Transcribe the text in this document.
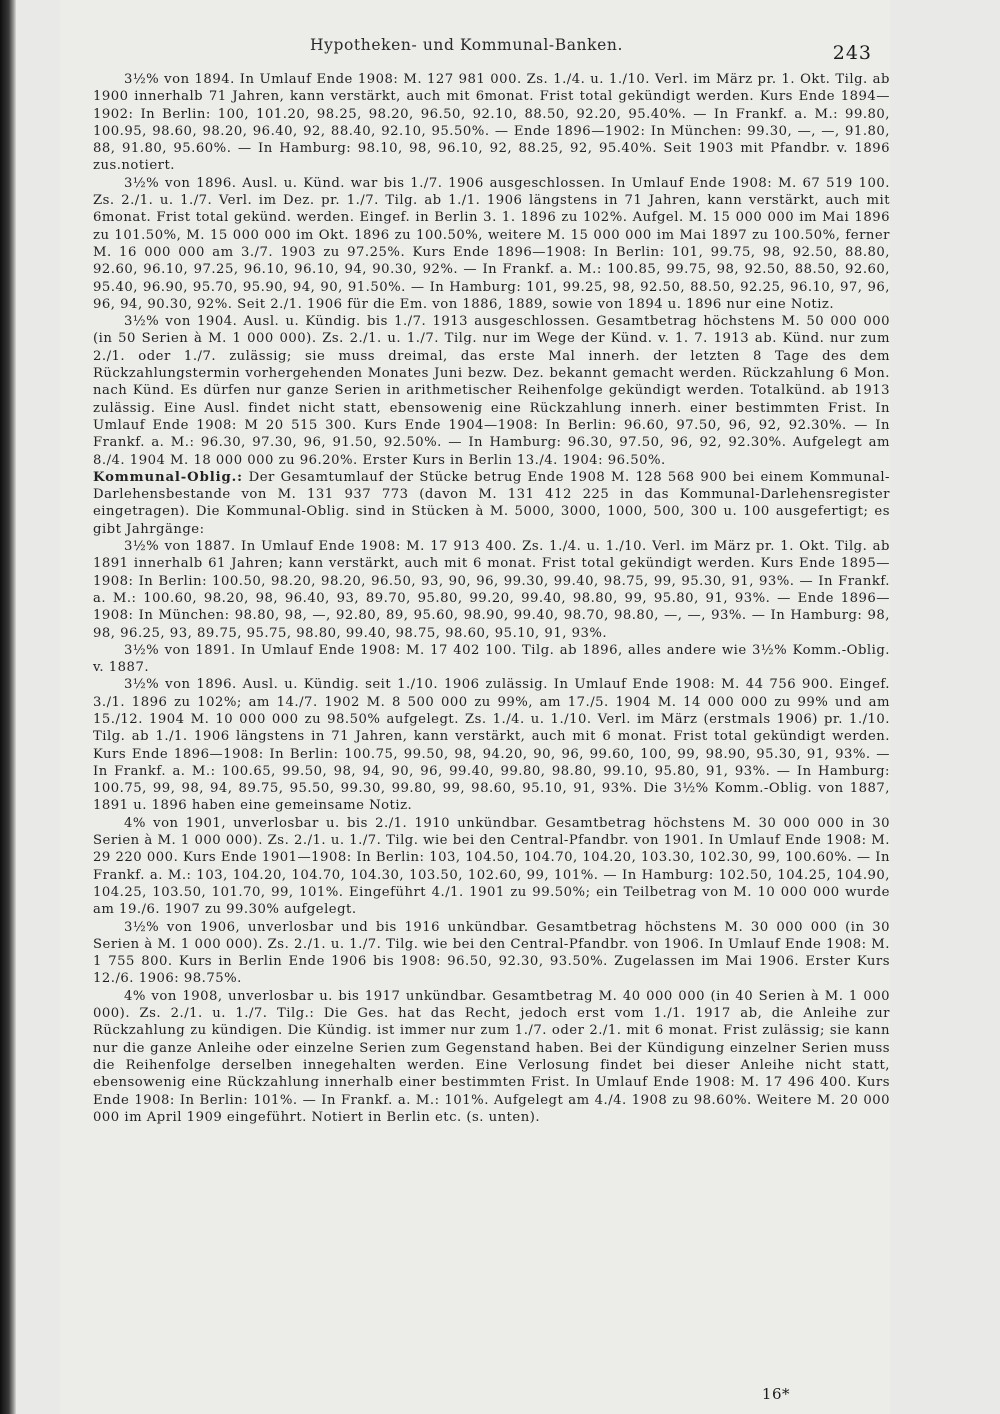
Hypotheken- und Kommunal-Banken.	243

3½% von 1894. In Umlauf Ende 1908: M. 127 981 000. Zs. 1./4. u. 1./10. Verl. im März pr. 1. Okt. Tilg. ab 1900 innerhalb 71 Jahren, kann verstärkt, auch mit 6monat. Frist total gekündigt werden. Kurs Ende 1894—1902: In Berlin: 100, 101.20, 98.25, 98.20, 96.50, 92.10, 88.50, 92.20, 95.40%. — In Frankf. a. M.: 99.80, 100.95, 98.60, 98.20, 96.40, 92, 88.40, 92.10, 95.50%. — Ende 1896—1902: In München: 99.30, —, —, 91.80, 88, 91.80, 95.60%. — In Hamburg: 98.10, 98, 96.10, 92, 88.25, 92, 95.40%. Seit 1903 mit Pfandbr. v. 1896 zus.notiert.

3½% von 1896. Ausl. u. Künd. war bis 1./7. 1906 ausgeschlossen. In Umlauf Ende 1908: M. 67 519 100. Zs. 2./1. u. 1./7. Verl. im Dez. pr. 1./7. Tilg. ab 1./1. 1906 längstens in 71 Jahren, kann verstärkt, auch mit 6monat. Frist total gekünd. werden. Eingef. in Berlin 3. 1. 1896 zu 102%. Aufgel. M. 15 000 000 im Mai 1896 zu 101.50%, M. 15 000 000 im Okt. 1896 zu 100.50%, weitere M. 15 000 000 im Mai 1897 zu 100.50%, ferner M. 16 000 000 am 3./7. 1903 zu 97.25%. Kurs Ende 1896—1908: In Berlin: 101, 99.75, 98, 92.50, 88.80, 92.60, 96.10, 97.25, 96.10, 96.10, 94, 90.30, 92%. — In Frankf. a. M.: 100.85, 99.75, 98, 92.50, 88.50, 92.60, 95.40, 96.90, 95.70, 95.90, 94, 90, 91.50%. — In Hamburg: 101, 99.25, 98, 92.50, 88.50, 92.25, 96.10, 97, 96, 96, 94, 90.30, 92%. Seit 2./1. 1906 für die Em. von 1886, 1889, sowie von 1894 u. 1896 nur eine Notiz.

3½% von 1904. Ausl. u. Kündig. bis 1./7. 1913 ausgeschlossen. Gesamtbetrag höchstens M. 50 000 000 (in 50 Serien à M. 1 000 000). Zs. 2./1. u. 1./7. Tilg. nur im Wege der Künd. v. 1. 7. 1913 ab. Künd. nur zum 2./1. oder 1./7. zulässig; sie muss dreimal, das erste Mal innerh. der letzten 8 Tage des dem Rückzahlungstermin vorhergehenden Monates Juni bezw. Dez. bekannt gemacht werden. Rückzahlung 6 Mon. nach Künd. Es dürfen nur ganze Serien in arithmetischer Reihenfolge gekündigt werden. Totalkünd. ab 1913 zulässig. Eine Ausl. findet nicht statt, ebensowenig eine Rückzahlung innerh. einer bestimmten Frist. In Umlauf Ende 1908: M 20 515 300. Kurs Ende 1904—1908: In Berlin: 96.60, 97.50, 96, 92, 92.30%. — In Frankf. a. M.: 96.30, 97.30, 96, 91.50, 92.50%. — In Hamburg: 96.30, 97.50, 96, 92, 92.30%. Aufgelegt am 8./4. 1904 M. 18 000 000 zu 96.20%. Erster Kurs in Berlin 13./4. 1904: 96.50%.

Kommunal-Oblig.: Der Gesamtumlauf der Stücke betrug Ende 1908 M. 128 568 900 bei einem Kommunal-Darlehensbestande von M. 131 937 773 (davon M. 131 412 225 in das Kommunal-Darlehensregister eingetragen). Die Kommunal-Oblig. sind in Stücken à M. 5000, 3000, 1000, 500, 300 u. 100 ausgefertigt; es gibt Jahrgänge:

3½% von 1887. In Umlauf Ende 1908: M. 17 913 400. Zs. 1./4. u. 1./10. Verl. im März pr. 1. Okt. Tilg. ab 1891 innerhalb 61 Jahren; kann verstärkt, auch mit 6 monat. Frist total gekündigt werden. Kurs Ende 1895—1908: In Berlin: 100.50, 98.20, 98.20, 96.50, 93, 90, 96, 99.30, 99.40, 98.75, 99, 95.30, 91, 93%. — In Frankf. a. M.: 100.60, 98.20, 98, 96.40, 93, 89.70, 95.80, 99.20, 99.40, 98.80, 99, 95.80, 91, 93%. — Ende 1896—1908: In München: 98.80, 98, —, 92.80, 89, 95.60, 98.90, 99.40, 98.70, 98.80, —, —, 93%. — In Hamburg: 98, 98, 96.25, 93, 89.75, 95.75, 98.80, 99.40, 98.75, 98.60, 95.10, 91, 93%.

3½% von 1891. In Umlauf Ende 1908: M. 17 402 100. Tilg. ab 1896, alles andere wie 3½% Komm.-Oblig. v. 1887.

3½% von 1896. Ausl. u. Kündig. seit 1./10. 1906 zulässig. In Umlauf Ende 1908: M. 44 756 900. Eingef. 3./1. 1896 zu 102%; am 14./7. 1902 M. 8 500 000 zu 99%, am 17./5. 1904 M. 14 000 000 zu 99% und am 15./12. 1904 M. 10 000 000 zu 98.50% aufgelegt. Zs. 1./4. u. 1./10. Verl. im März (erstmals 1906) pr. 1./10. Tilg. ab 1./1. 1906 längstens in 71 Jahren, kann verstärkt, auch mit 6 monat. Frist total gekündigt werden. Kurs Ende 1896—1908: In Berlin: 100.75, 99.50, 98, 94.20, 90, 96, 99.60, 100, 99, 98.90, 95.30, 91, 93%. — In Frankf. a. M.: 100.65, 99.50, 98, 94, 90, 96, 99.40, 99.80, 98.80, 99.10, 95.80, 91, 93%. — In Hamburg: 100.75, 99, 98, 94, 89.75, 95.50, 99.30, 99.80, 99, 98.60, 95.10, 91, 93%. Die 3½% Komm.-Oblig. von 1887, 1891 u. 1896 haben eine gemeinsame Notiz.

4% von 1901, unverlosbar u. bis 2./1. 1910 unkündbar. Gesamtbetrag höchstens M. 30 000 000 in 30 Serien à M. 1 000 000). Zs. 2./1. u. 1./7. Tilg. wie bei den Central-Pfandbr. von 1901. In Umlauf Ende 1908: M. 29 220 000. Kurs Ende 1901—1908: In Berlin: 103, 104.50, 104.70, 104.20, 103.30, 102.30, 99, 100.60%. — In Frankf. a. M.: 103, 104.20, 104.70, 104.30, 103.50, 102.60, 99, 101%. — In Hamburg: 102.50, 104.25, 104.90, 104.25, 103.50, 101.70, 99, 101%. Eingeführt 4./1. 1901 zu 99.50%; ein Teilbetrag von M. 10 000 000 wurde am 19./6. 1907 zu 99.30% aufgelegt.

3½% von 1906, unverlosbar und bis 1916 unkündbar. Gesamtbetrag höchstens M. 30 000 000 (in 30 Serien à M. 1 000 000). Zs. 2./1. u. 1./7. Tilg. wie bei den Central-Pfandbr. von 1906. In Umlauf Ende 1908: M. 1 755 800. Kurs in Berlin Ende 1906 bis 1908: 96.50, 92.30, 93.50%. Zugelassen im Mai 1906. Erster Kurs 12./6. 1906: 98.75%.

4% von 1908, unverlosbar u. bis 1917 unkündbar. Gesamtbetrag M. 40 000 000 (in 40 Serien à M. 1 000 000). Zs. 2./1. u. 1./7. Tilg.: Die Ges. hat das Recht, jedoch erst vom 1./1. 1917 ab, die Anleihe zur Rückzahlung zu kündigen. Die Kündig. ist immer nur zum 1./7. oder 2./1. mit 6 monat. Frist zulässig; sie kann nur die ganze Anleihe oder einzelne Serien zum Gegenstand haben. Bei der Kündigung einzelner Serien muss die Reihenfolge derselben innegehalten werden. Eine Verlosung findet bei dieser Anleihe nicht statt, ebensowenig eine Rückzahlung innerhalb einer bestimmten Frist. In Umlauf Ende 1908: M. 17 496 400. Kurs Ende 1908: In Berlin: 101%. — In Frankf. a. M.: 101%. Aufgelegt am 4./4. 1908 zu 98.60%. Weitere M. 20 000 000 im April 1909 eingeführt. Notiert in Berlin etc. (s. unten).

16*
